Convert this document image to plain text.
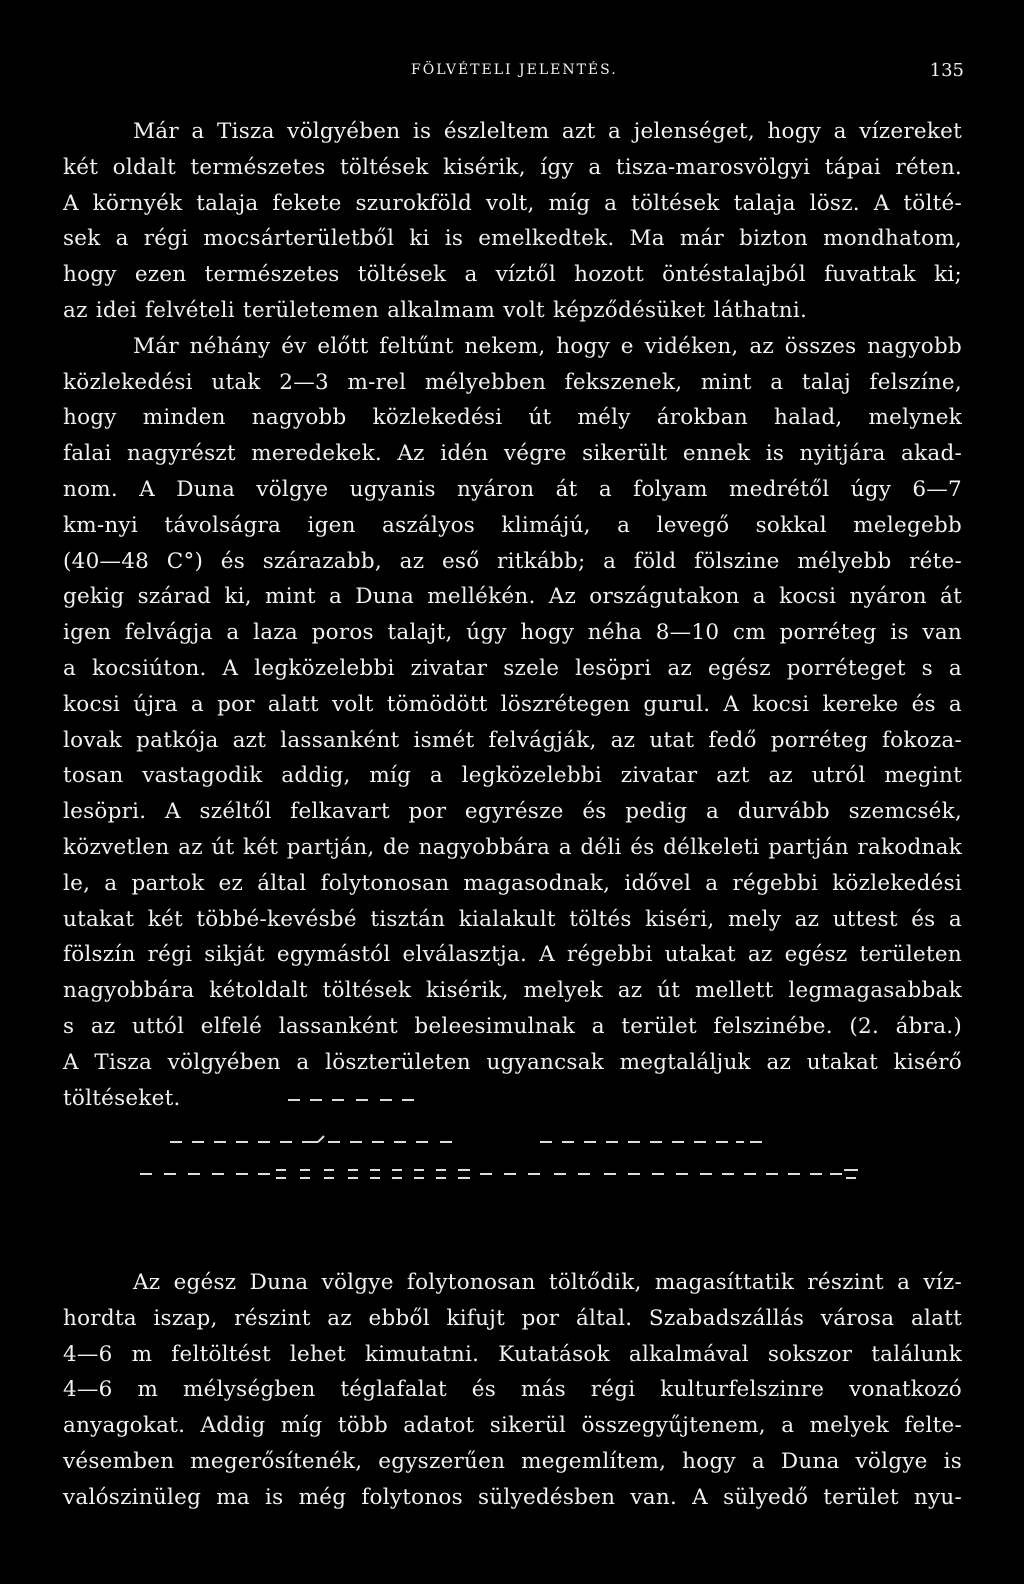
FÖLVÉTELI JELENTÉS.	135
Már a Tisza völgyében is észleltem azt a jelenséget, hogy a vízereket
két oldalt természetes töltések kisérik, így a tisza-marosvölgyi tápai réten.
A környék talaja fekete szurokföld volt, míg a töltések talaja lösz. A tölté-
sek a régi mocsárterületből ki is emelkedtek. Ma már bizton mondhatom,
hogy ezen természetes töltések a víztől hozott öntéstalajból fuvattak ki;
az idei felvételi területemen alkalmam volt képződésüket láthatni.
Már néhány év előtt feltűnt nekem, hogy e vidéken, az összes nagyobb
közlekedési utak 2—3 m-rel mélyebben fekszenek, mint a talaj felszíne,
hogy minden nagyobb közlekedési út mély árokban halad, melynek
falai nagyrészt meredekek. Az idén végre sikerült ennek is nyitjára akad-
nom. A Duna völgye ugyanis nyáron át a folyam medrétől úgy 6—7
km-nyi távolságra igen aszályos klimájú, a levegő sokkal melegebb
(40—48 C°) és szárazabb, az eső ritkább; a föld fölszine mélyebb réte-
gekig szárad ki, mint a Duna mellékén. Az országutakon a kocsi nyáron át
igen felvágja a laza poros talajt, úgy hogy néha 8—10 cm porréteg is van
a kocsiúton. A legközelebbi zivatar szele lesöpri az egész porréteget s a
kocsi újra a por alatt volt tömödött löszrétegen gurul. A kocsi kereke és a
lovak patkója azt lassanként ismét felvágják, az utat fedő porréteg fokoza-
tosan vastagodik addig, míg a legközelebbi zivatar azt az utról megint
lesöpri. A széltől felkavart por egyrésze és pedig a durvább szemcsék,
közvetlen az út két partján, de nagyobbára a déli és délkeleti partján rakodnak
le, a partok ez által folytonosan magasodnak, idővel a régebbi közlekedési
utakat két többé-kevésbé tisztán kialakult töltés kiséri, mely az uttest és a
fölszín régi sikját egymástól elválasztja. A régebbi utakat az egész területen
nagyobbára kétoldalt töltések kisérik, melyek az út mellett legmagasabbak
s az uttól elfelé lassanként beleesimulnak a terület felszinébe. (2. ábra.)
A Tisza völgyében a löszterületen ugyancsak megtaláljuk az utakat kisérő
töltéseket.
Az egész Duna völgye folytonosan töltődik, magasíttatik részint a víz-
hordta iszap, részint az ebből kifujt por által. Szabadszállás városa alatt
4—6 m feltöltést lehet kimutatni. Kutatások alkalmával sokszor találunk
4—6 m mélységben téglafalat és más régi kulturfelszinre vonatkozó
anyagokat. Addig míg több adatot sikerül összegyűjtenem, a melyek felte-
vésemben megerősítenék, egyszerűen megemlítem, hogy a Duna völgye is
valószinüleg ma is még folytonos sülyedésben van. A sülyedő terület nyu-
